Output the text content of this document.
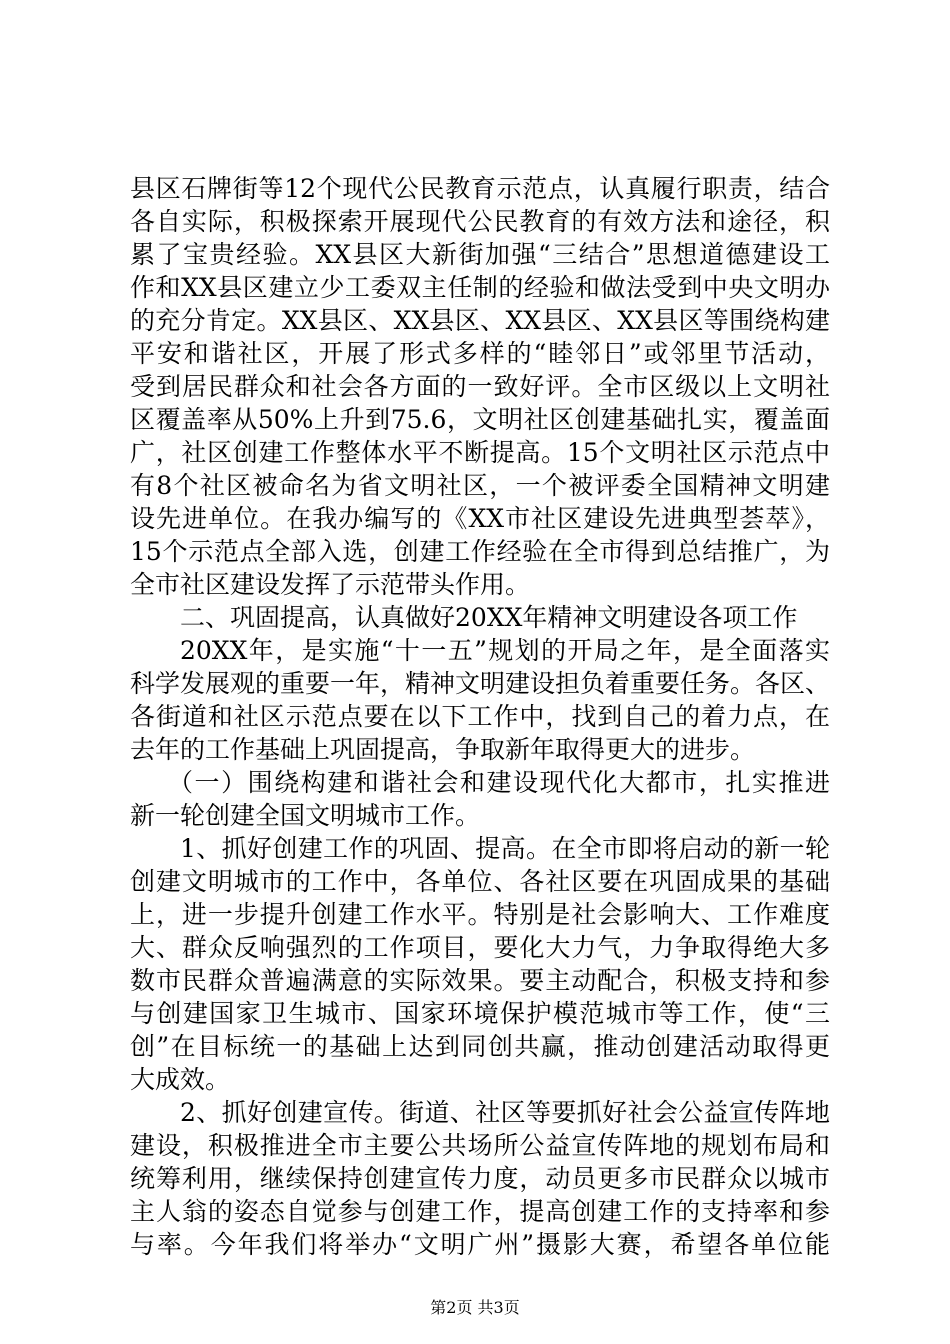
县区石牌街等12个现代公民教育示范点，认真履行职责，结合
各自实际，积极探索开展现代公民教育的有效方法和途径，积
累了宝贵经验。XX县区大新街加强“三结合”思想道德建设工
作和XX县区建立少工委双主任制的经验和做法受到中央文明办
的充分肯定。XX县区、XX县区、XX县区、XX县区等围绕构建
平安和谐社区，开展了形式多样的“睦邻日”或邻里节活动，
受到居民群众和社会各方面的一致好评。全市区级以上文明社
区覆盖率从50%上升到75.6，文明社区创建基础扎实，覆盖面
广，社区创建工作整体水平不断提高。15个文明社区示范点中
有8个社区被命名为省文明社区，一个被评委全国精神文明建
设先进单位。在我办编写的《XX市社区建设先进典型荟萃》，
15个示范点全部入选，创建工作经验在全市得到总结推广，为
全市社区建设发挥了示范带头作用。
二、巩固提高，认真做好20XX年精神文明建设各项工作
20XX年，是实施“十一五”规划的开局之年，是全面落实
科学发展观的重要一年，精神文明建设担负着重要任务。各区、
各街道和社区示范点要在以下工作中，找到自己的着力点，在
去年的工作基础上巩固提高，争取新年取得更大的进步。
（一）围绕构建和谐社会和建设现代化大都市，扎实推进
新一轮创建全国文明城市工作。
1、抓好创建工作的巩固、提高。在全市即将启动的新一轮
创建文明城市的工作中，各单位、各社区要在巩固成果的基础
上，进一步提升创建工作水平。特别是社会影响大、工作难度
大、群众反响强烈的工作项目，要化大力气，力争取得绝大多
数市民群众普遍满意的实际效果。要主动配合，积极支持和参
与创建国家卫生城市、国家环境保护模范城市等工作，使“三
创”在目标统一的基础上达到同创共赢，推动创建活动取得更
大成效。
2、抓好创建宣传。街道、社区等要抓好社会公益宣传阵地
建设，积极推进全市主要公共场所公益宣传阵地的规划布局和
统筹利用，继续保持创建宣传力度，动员更多市民群众以城市
主人翁的姿态自觉参与创建工作，提高创建工作的支持率和参
与率。今年我们将举办“文明广州”摄影大赛，希望各单位能
第2页 共3页
